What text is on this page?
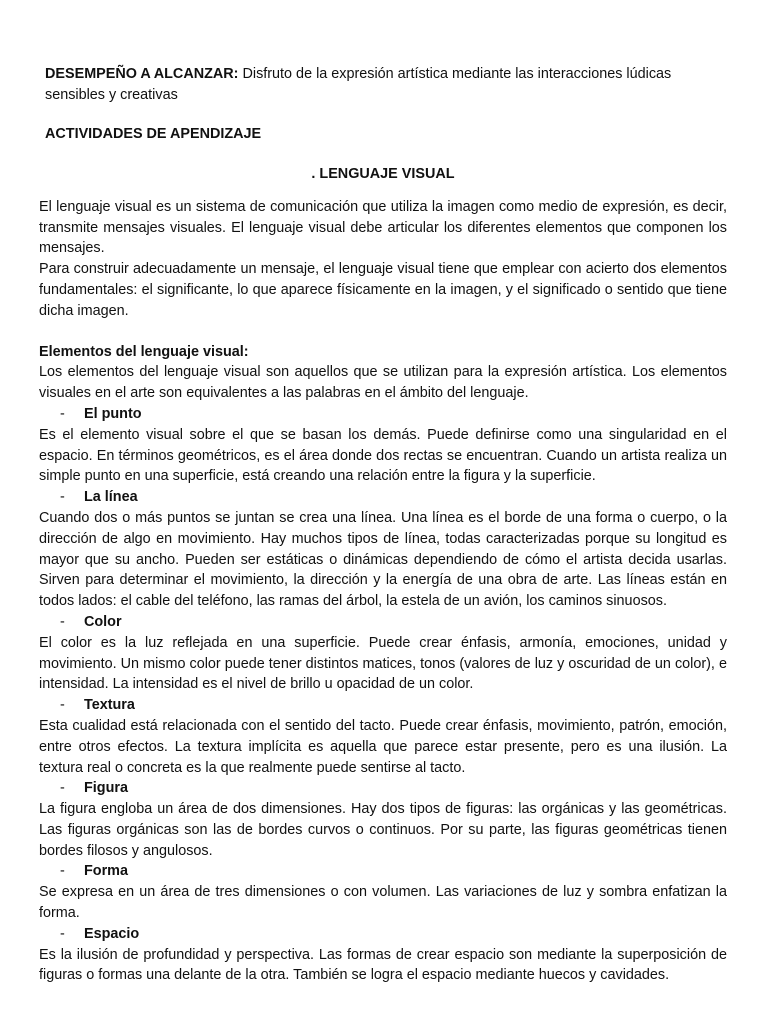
DESEMPEÑO A ALCANZAR: Disfruto de la expresión artística mediante las interacciones lúdicas sensibles y creativas

ACTIVIDADES DE APENDIZAJE

. LENGUAJE VISUAL

El lenguaje visual es un sistema de comunicación que utiliza la imagen como medio de expresión, es decir, transmite mensajes visuales. El lenguaje visual debe articular los diferentes elementos que componen los mensajes.

Para construir adecuadamente un mensaje, el lenguaje visual tiene que emplear con acierto dos elementos fundamentales: el significante, lo que aparece físicamente en la imagen, y el significado o sentido que tiene dicha imagen.

Elementos del lenguaje visual:

Los elementos del lenguaje visual son aquellos que se utilizan para la expresión artística. Los elementos visuales en el arte son equivalentes a las palabras en el ámbito del lenguaje.

- El punto

Es el elemento visual sobre el que se basan los demás. Puede definirse como una singularidad en el espacio. En términos geométricos, es el área donde dos rectas se encuentran. Cuando un artista realiza un simple punto en una superficie, está creando una relación entre la figura y la superficie.

- La línea

Cuando dos o más puntos se juntan se crea una línea. Una línea es el borde de una forma o cuerpo, o la dirección de algo en movimiento. Hay muchos tipos de línea, todas caracterizadas porque su longitud es mayor que su ancho. Pueden ser estáticas o dinámicas dependiendo de cómo el artista decida usarlas. Sirven para determinar el movimiento, la dirección y la energía de una obra de arte. Las líneas están en todos lados: el cable del teléfono, las ramas del árbol, la estela de un avión, los caminos sinuosos.

- Color

El color es la luz reflejada en una superficie. Puede crear énfasis, armonía, emociones, unidad y movimiento. Un mismo color puede tener distintos matices, tonos (valores de luz y oscuridad de un color), e intensidad. La intensidad es el nivel de brillo u opacidad de un color.

- Textura

Esta cualidad está relacionada con el sentido del tacto. Puede crear énfasis, movimiento, patrón, emoción, entre otros efectos. La textura implícita es aquella que parece estar presente, pero es una ilusión. La textura real o concreta es la que realmente puede sentirse al tacto.

- Figura

La figura engloba un área de dos dimensiones. Hay dos tipos de figuras: las orgánicas y las geométricas. Las figuras orgánicas son las de bordes curvos o continuos. Por su parte, las figuras geométricas tienen bordes filosos y angulosos.

- Forma

Se expresa en un área de tres dimensiones o con volumen. Las variaciones de luz y sombra enfatizan la forma.

- Espacio

Es la ilusión de profundidad y perspectiva. Las formas de crear espacio son mediante la superposición de figuras o formas una delante de la otra. También se logra el espacio mediante huecos y cavidades.
